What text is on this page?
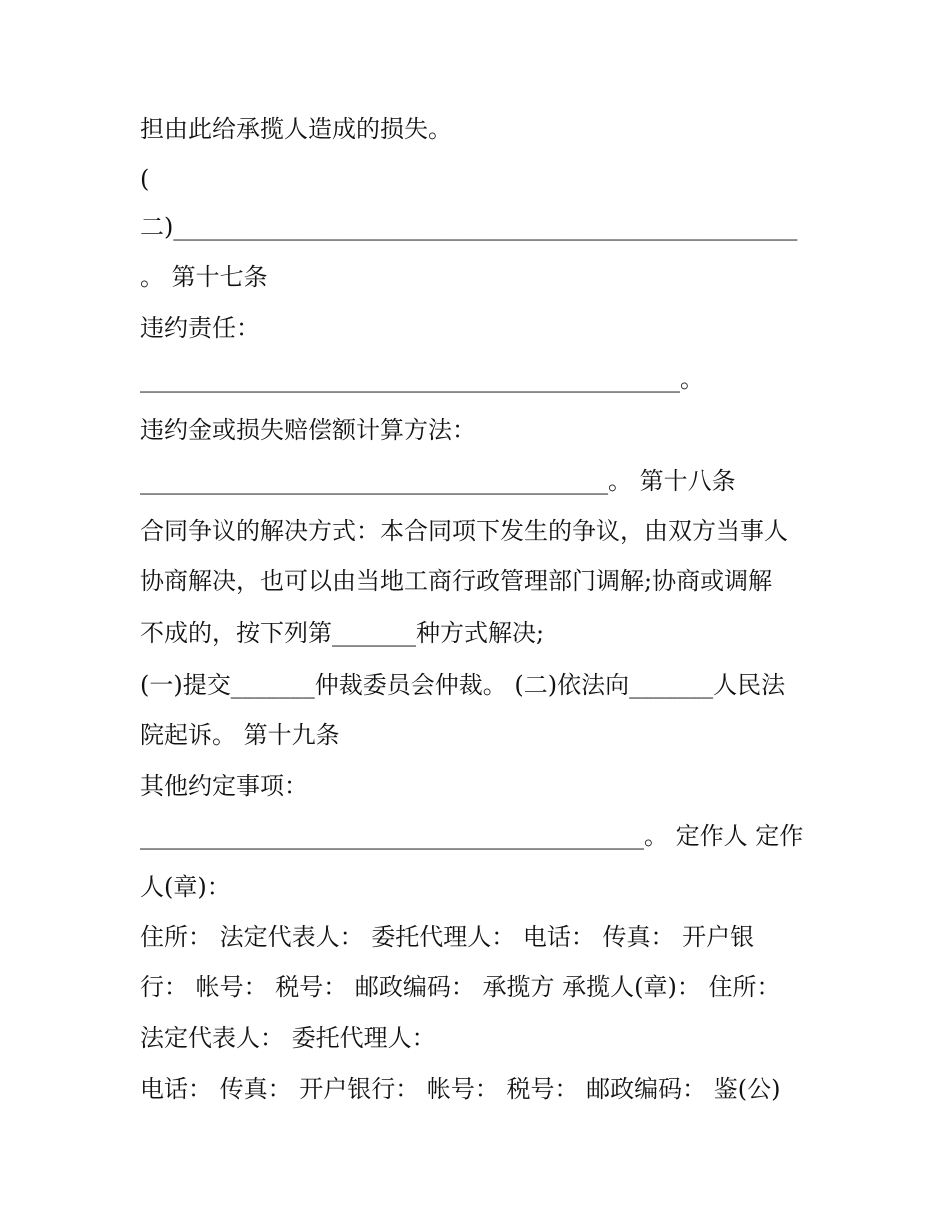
担由此给承揽人造成的损失。
(
二)____________________________________________________
。 第十七条
违约责任：
_____________________________________________。
违约金或损失赔偿额计算方法：
_______________________________________。 第十八条
合同争议的解决方式：本合同项下发生的争议，由双方当事人
协商解决，也可以由当地工商行政管理部门调解;协商或调解
不成的，按下列第_______种方式解决;
(一)提交_______仲裁委员会仲裁。 (二)依法向_______人民法
院起诉。 第十九条
其他约定事项：
__________________________________________。 定作人 定作
人(章)：
住所： 法定代表人： 委托代理人： 电话： 传真： 开户银
行： 帐号： 税号： 邮政编码： 承揽方 承揽人(章)： 住所：
法定代表人： 委托代理人：
电话： 传真： 开户银行： 帐号： 税号： 邮政编码： 鉴(公)
